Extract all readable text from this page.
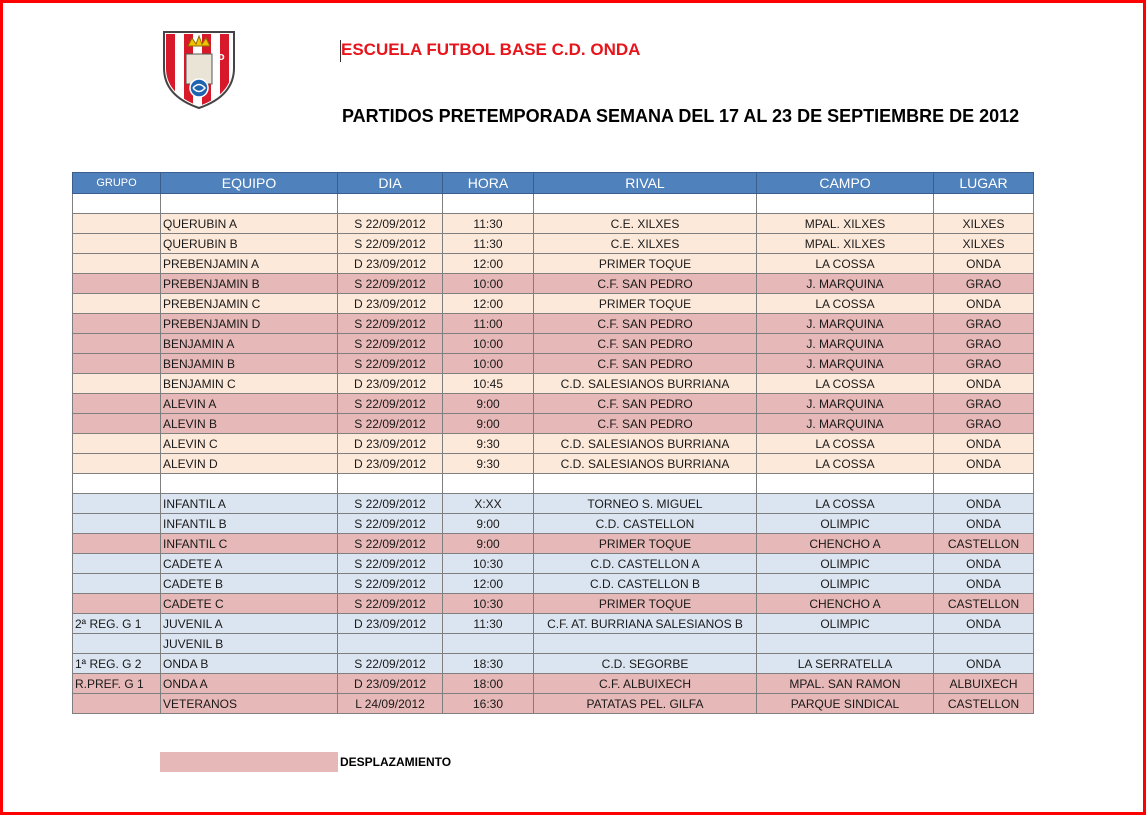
C	D	ESCUELA FUTBOL BASE C.D. ONDA
PARTIDOS PRETEMPORADA SEMANA DEL 17 AL 23 DE SEPTIEMBRE DE 2012
GRUPO	EQUIPO	DIA	HORA	RIVAL	CAMPO	LUGAR

	QUERUBIN A	S 22/09/2012	11:30	C.E. XILXES	MPAL. XILXES	XILXES
	QUERUBIN B	S 22/09/2012	11:30	C.E. XILXES	MPAL. XILXES	XILXES
	PREBENJAMIN A	D 23/09/2012	12:00	PRIMER TOQUE	LA COSSA	ONDA
	PREBENJAMIN B	S 22/09/2012	10:00	C.F. SAN PEDRO	J. MARQUINA	GRAO
	PREBENJAMIN C	D 23/09/2012	12:00	PRIMER TOQUE	LA COSSA	ONDA
	PREBENJAMIN D	S 22/09/2012	11:00	C.F. SAN PEDRO	J. MARQUINA	GRAO
	BENJAMIN A	S 22/09/2012	10:00	C.F. SAN PEDRO	J. MARQUINA	GRAO
	BENJAMIN B	S 22/09/2012	10:00	C.F. SAN PEDRO	J. MARQUINA	GRAO
	BENJAMIN C	D 23/09/2012	10:45	C.D. SALESIANOS BURRIANA	LA COSSA	ONDA
	ALEVIN A	S 22/09/2012	9:00	C.F. SAN PEDRO	J. MARQUINA	GRAO
	ALEVIN B	S 22/09/2012	9:00	C.F. SAN PEDRO	J. MARQUINA	GRAO
	ALEVIN C	D 23/09/2012	9:30	C.D. SALESIANOS BURRIANA	LA COSSA	ONDA
	ALEVIN D	D 23/09/2012	9:30	C.D. SALESIANOS BURRIANA	LA COSSA	ONDA

	INFANTIL A	S 22/09/2012	X:XX	TORNEO S. MIGUEL	LA COSSA	ONDA
	INFANTIL B	S 22/09/2012	9:00	C.D. CASTELLON	OLIMPIC	ONDA
	INFANTIL C	S 22/09/2012	9:00	PRIMER TOQUE	CHENCHO A	CASTELLON
	CADETE A	S 22/09/2012	10:30	C.D. CASTELLON A	OLIMPIC	ONDA
	CADETE B	S 22/09/2012	12:00	C.D. CASTELLON B	OLIMPIC	ONDA
	CADETE C	S 22/09/2012	10:30	PRIMER TOQUE	CHENCHO A	CASTELLON
2ª REG. G 1	JUVENIL A	D 23/09/2012	11:30	C.F. AT. BURRIANA SALESIANOS B	OLIMPIC	ONDA
	JUVENIL B					
1ª REG. G 2	ONDA B	S 22/09/2012	18:30	C.D. SEGORBE	LA SERRATELLA	ONDA
R.PREF. G 1	ONDA A	D 23/09/2012	18:00	C.F. ALBUIXECH	MPAL. SAN RAMON	ALBUIXECH
	VETERANOS	L 24/09/2012	16:30	PATATAS PEL. GILFA	PARQUE SINDICAL	CASTELLON
DESPLAZAMIENTO
